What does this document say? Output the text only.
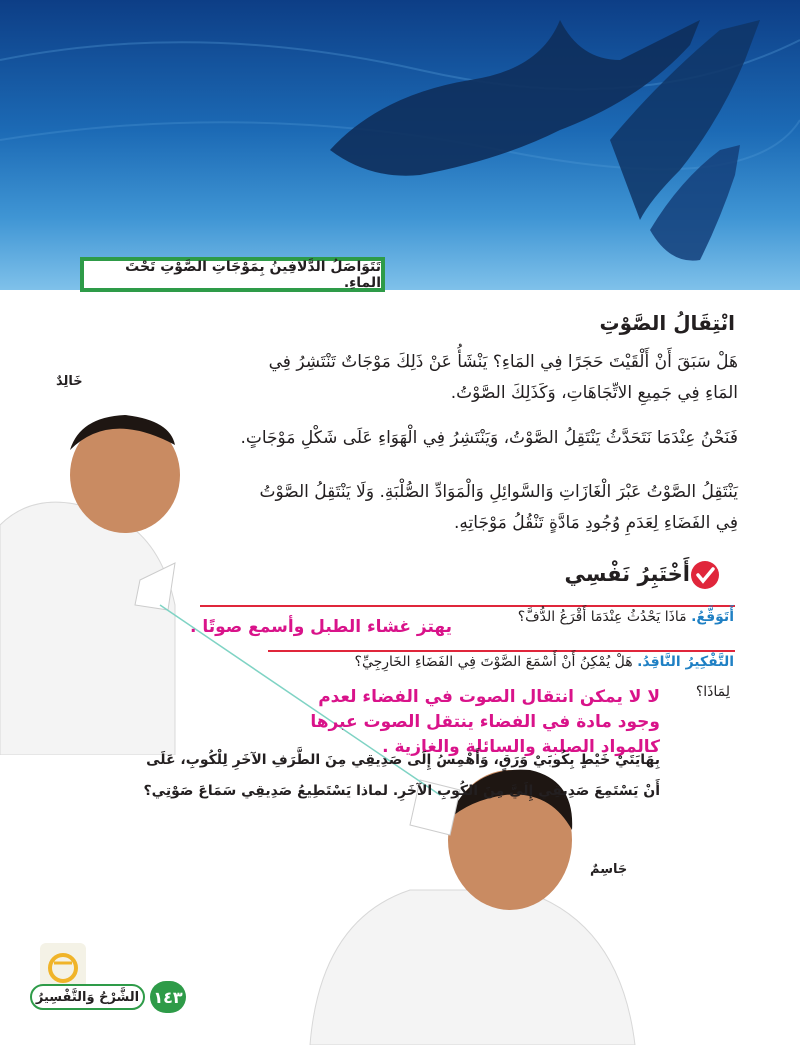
تَتَوَاصَلُ الدَّلافِينُ بِمَوْجَاتِ الصَّوْتِ تَحْتَ الماءِ.
انْتِقَالُ الصَّوْتِ
هَلْ سَبَقَ أَنْ أَلْقَيْتَ حَجَرًا فِي المَاءِ؟ يَنْشَأُ عَنْ ذَلِكَ مَوْجَاتٌ تَنْتَشِرُ فِي المَاءِ فِي جَمِيعِ الاتِّجَاهَاتِ، وَكَذَلِكَ الصَّوْتُ.
فَنَحْنُ عِنْدَمَا نَتَحَدَّثُ يَنْتَقِلُ الصَّوْتُ، وَيَنْتَشِرُ فِي الْهَوَاءِ عَلَى شَكْلِ مَوْجَاتٍ.
يَنْتَقِلُ الصَّوْتُ عَبْرَ الْغَازَاتِ وَالسَّوائِلِ وَالْمَوَادِّ الصُّلْبَةِ. وَلَا يَنْتَقِلُ الصَّوْتُ فِي الفَضَاءِ لِعَدَمِ وُجُودِ مَادَّةٍ تَنْقُلُ مَوْجَاتِهِ.
خَالِدٌ
جَاسِمٌ
أَخْتَبِرُ نَفْسِي
أَتَوَقَّعُ. مَاذَا يَحْدُثُ عِنْدَمَا أَقْرَعُ الدُّفَّ؟
يهتز غشاء الطبل وأسمع صوتًا .
التَّفْكِيرُ النَّاقِدُ. هَلْ يُمْكِنُ أَنْ أَسْمَعَ الصَّوْتَ فِي الفَضَاءِ الخَارِجِيِّ؟
لِمَاذَا؟
لا لا يمكن انتقال الصوت في الفضاء لعدم وجود مادة في الفضاء ينتقل الصوت عبرها كالمواد الصلبة والسائلة والغازية .
بِهَايَتَيْ خَيْطٍ بِكُوبَيْ وَرَقٍ، وَأَهْمِسُ إِلَى صَدِيقِي مِنَ الطَّرَفِ الآخَرِ لِلْكُوبِ، عَلَى أَنْ يَسْتَمِعَ صَدِيقِي إِلَيَّ مِنَ الكُوبِ الآخَرِ. لماذا يَسْتَطِيعُ صَدِيقِي سَمَاعَ صَوْتِي؟
الشَّرْحُ وَالتَّفْسِيرُ ١٤٣
